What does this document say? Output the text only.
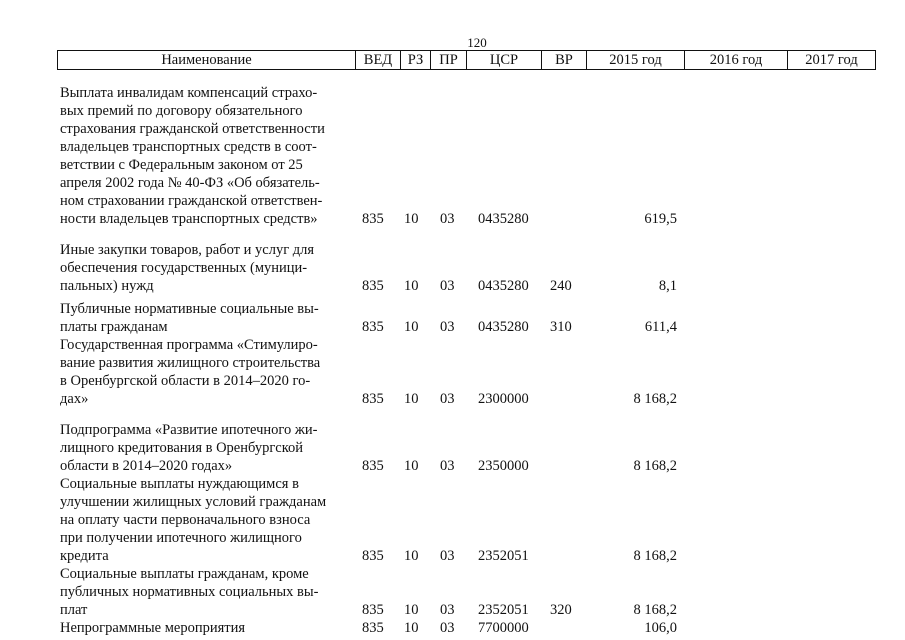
120
Наименование	ВЕД	РЗ	ПР	ЦСР	ВР	2015 год	2016 год	2017 год
Выплата инвалидам компенсаций страхо-
вых премий по договору обязательного
страхования гражданской ответственности
владельцев транспортных средств в соот-
ветствии с Федеральным законом от 25
апреля 2002 года № 40-ФЗ «Об обязатель-
ном страховании гражданской ответствен-
ности владельцев транспортных средств»	835 10 03 0435280	619,5
Иные закупки товаров, работ и услуг для
обеспечения государственных (муници-
пальных) нужд	835 10 03 0435280 240	8,1
Публичные нормативные социальные вы-
платы гражданам	835 10 03 0435280 310	611,4
Государственная программа «Стимулиро-
вание развития жилищного строительства
в Оренбургской области в 2014–2020 го-
дах»	835 10 03 2300000	8 168,2
Подпрограмма «Развитие ипотечного жи-
лищного кредитования в Оренбургской
области в 2014–2020 годах»	835 10 03 2350000	8 168,2
Социальные выплаты нуждающимся в
улучшении жилищных условий гражданам
на оплату части первоначального взноса
при получении ипотечного жилищного
кредита	835 10 03 2352051	8 168,2
Социальные выплаты гражданам, кроме
публичных нормативных социальных вы-
плат	835 10 03 2352051 320	8 168,2
Непрограммные мероприятия	835 10 03 7700000	106,0
